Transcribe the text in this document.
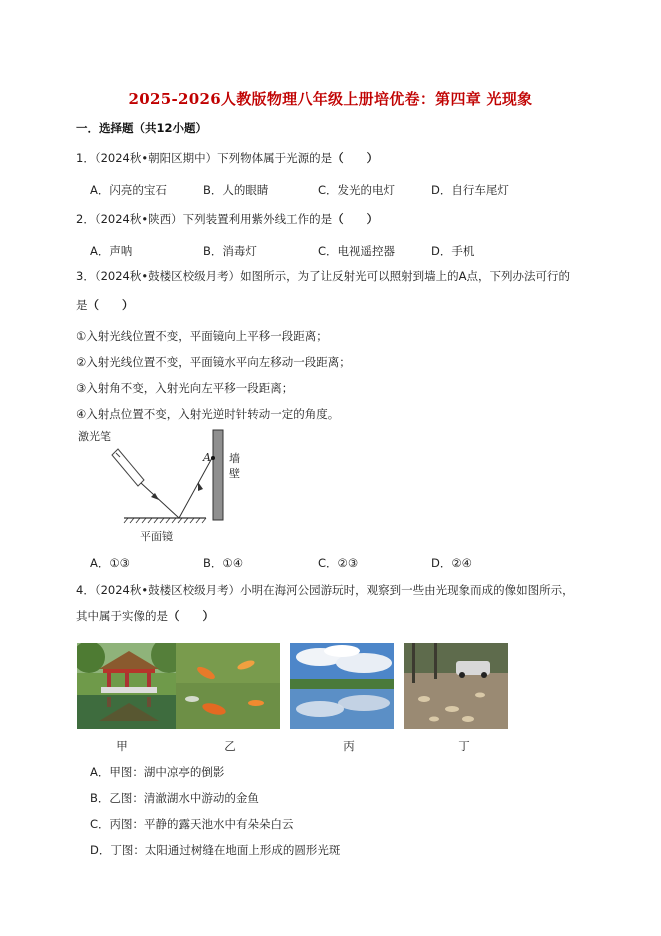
2025-2026人教版物理八年级上册培优卷：第四章 光现象
一．选择题（共12小题）
1．（2024秋•朝阳区期中）下列物体属于光源的是（　　）
A．闪亮的宝石	B．人的眼睛	C．发光的电灯	D．自行车尾灯
2．（2024秋•陕西）下列装置利用紫外线工作的是（　　）
A．声呐	B．消毒灯	C．电视遥控器	D．手机
3．（2024秋•鼓楼区校级月考）如图所示，为了让反射光可以照射到墙上的A点，下列办法可行的
是（　　）
①入射光线位置不变，平面镜向上平移一段距离；
②入射光线位置不变，平面镜水平向左移动一段距离；
③入射角不变，入射光向左平移一段距离；
④入射点位置不变，入射光逆时针转动一定的角度。
A
激光笔
平面镜
墙
壁
A．①③	B．①④	C．②③	D．②④
4．（2024秋•鼓楼区校级月考）小明在海河公园游玩时，观察到一些由光现象而成的像如图所示，
其中属于实像的是（　　）
甲	乙	丙	丁
A．甲图：湖中凉亭的倒影
B．乙图：清澈湖水中游动的金鱼
C．丙图：平静的露天池水中有朵朵白云
D．丁图：太阳通过树缝在地面上形成的圆形光斑
